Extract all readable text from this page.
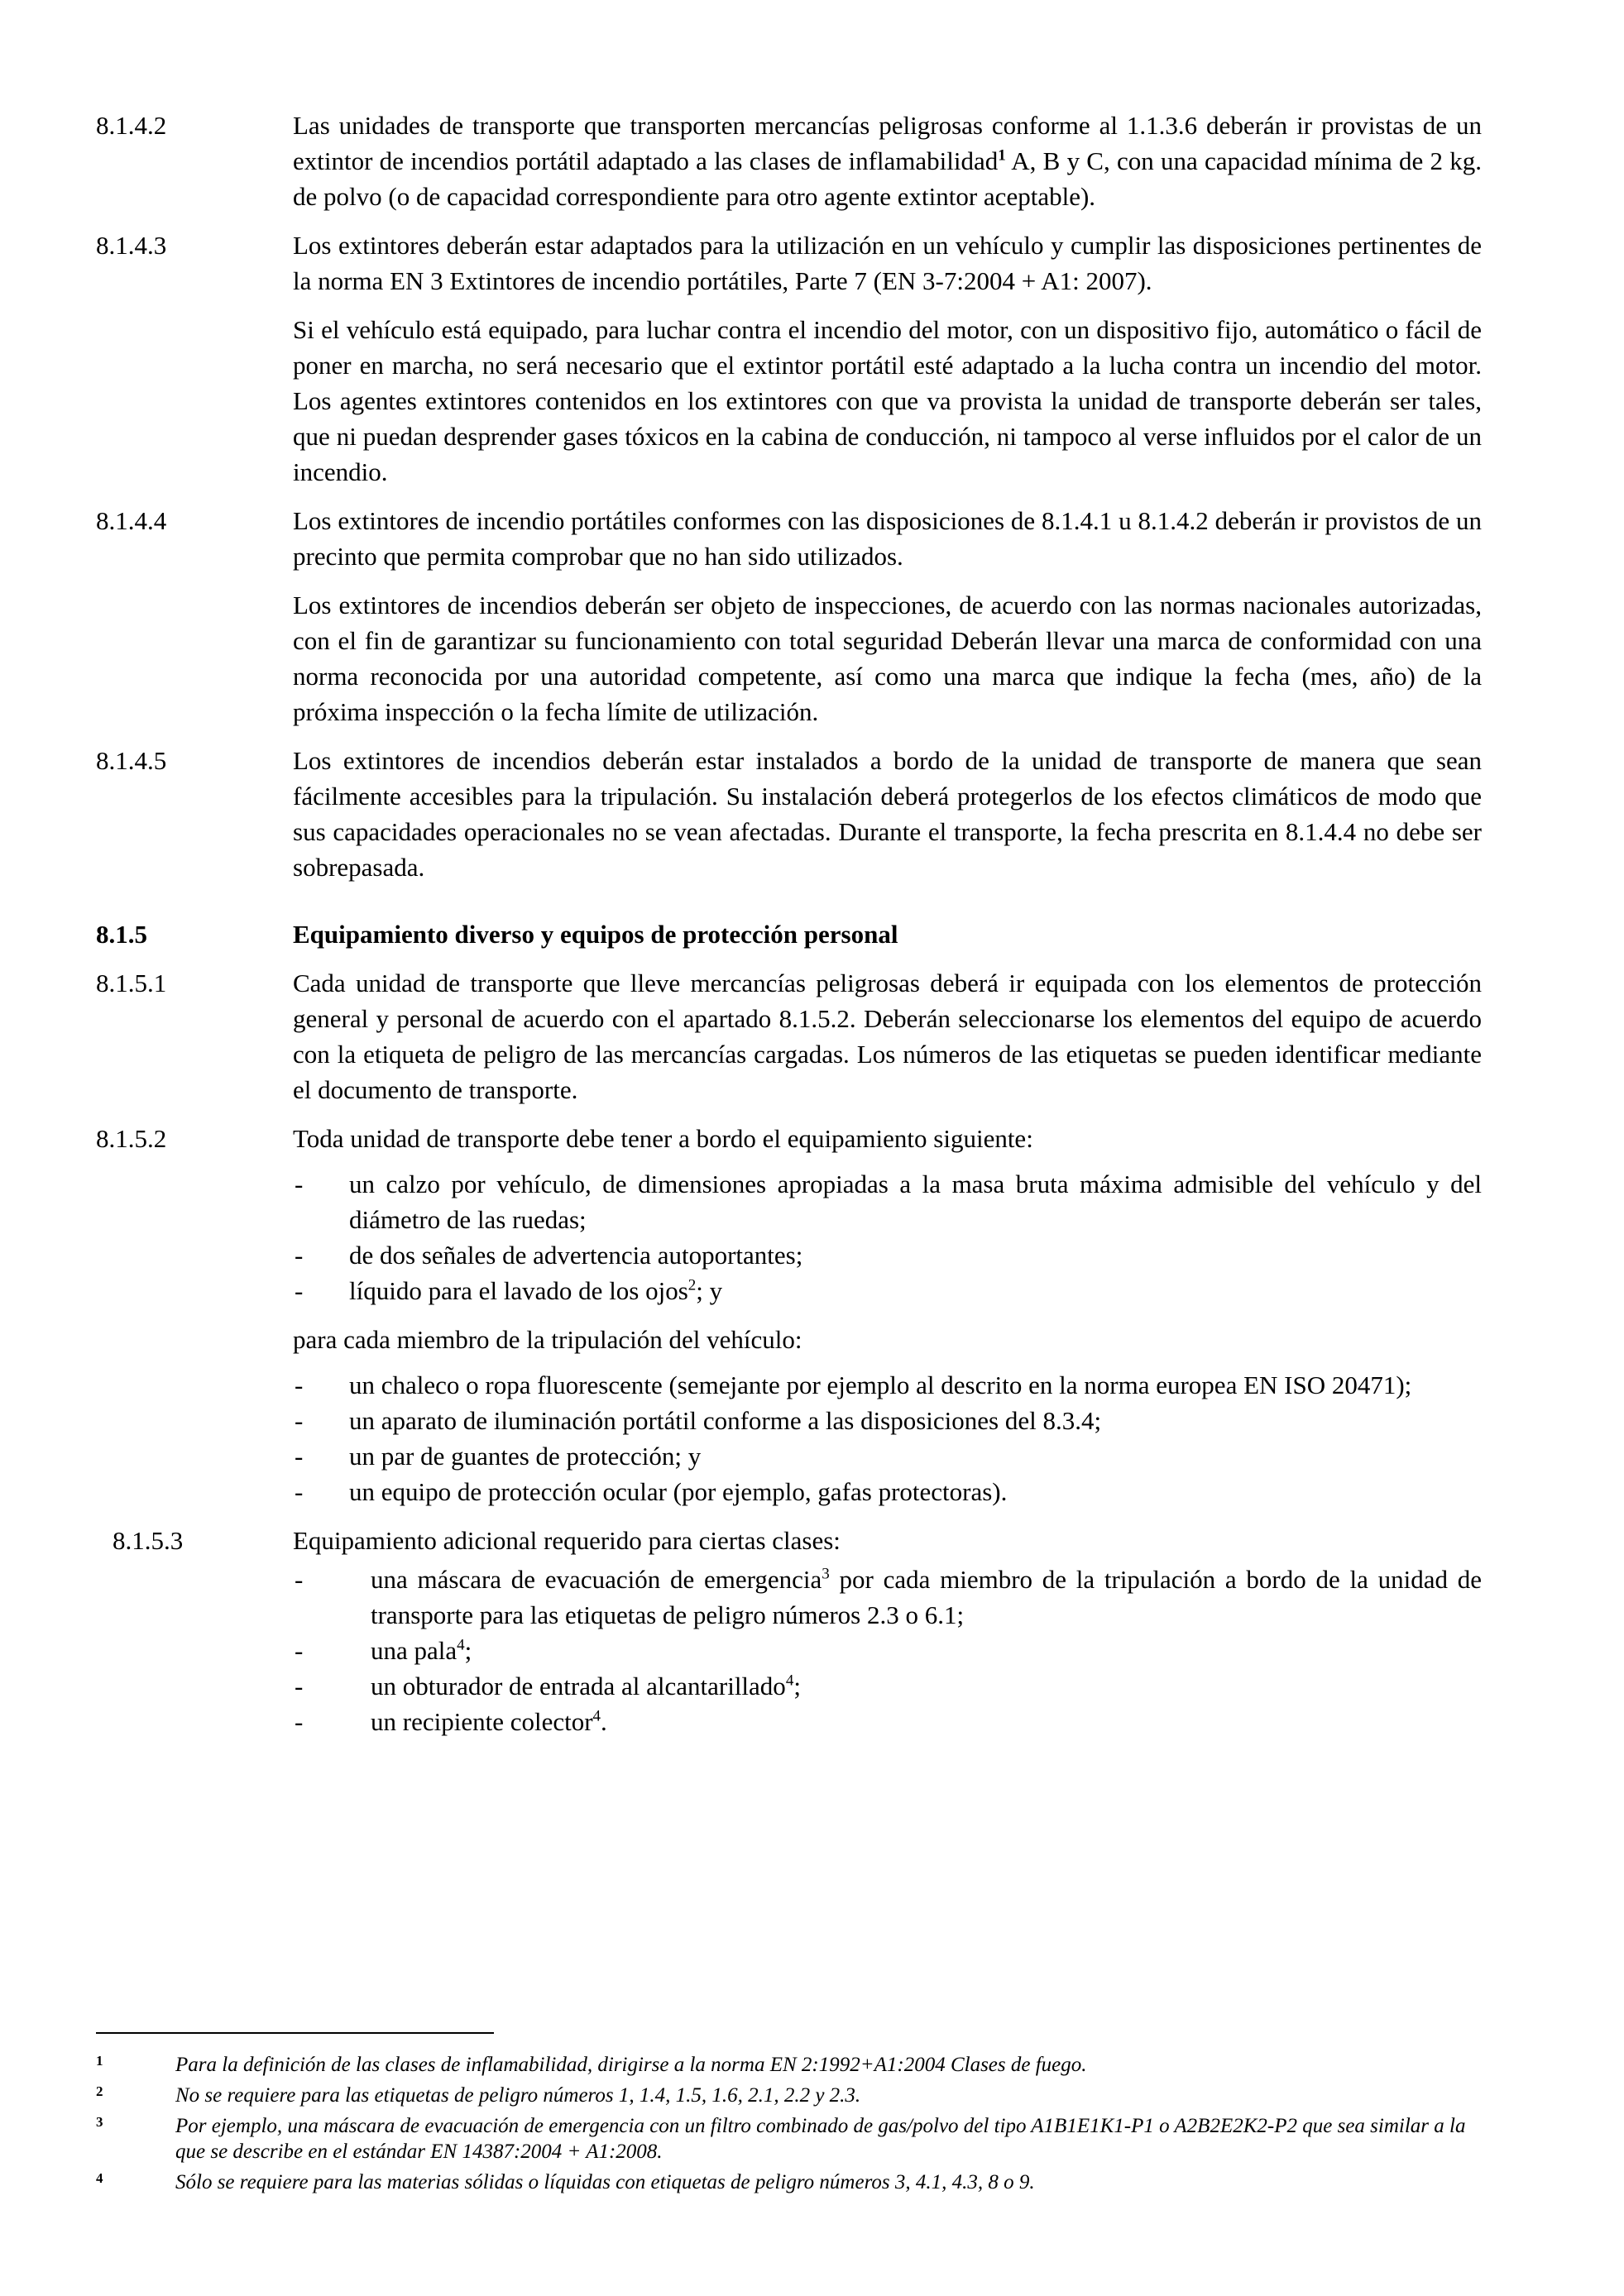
8.1.4.2	Las unidades de transporte que transporten mercancías peligrosas conforme al 1.1.3.6 deberán ir provistas de un extintor de incendios portátil adaptado a las clases de inflamabilidad$^1$ A, B y C, con una capacidad mínima de 2 kg. de polvo (o de capacidad correspondiente para otro agente extintor aceptable).

8.1.4.3	Los extintores deberán estar adaptados para la utilización en un vehículo y cumplir las disposiciones pertinentes de la norma EN 3 Extintores de incendio portátiles, Parte 7 (EN 3-7:2004 + A1: 2007).

Si el vehículo está equipado, para luchar contra el incendio del motor, con un dispositivo fijo, automático o fácil de poner en marcha, no será necesario que el extintor portátil esté adaptado a la lucha contra un incendio del motor. Los agentes extintores contenidos en los extintores con que va provista la unidad de transporte deberán ser tales, que ni puedan desprender gases tóxicos en la cabina de conducción, ni tampoco al verse influidos por el calor de un incendio.

8.1.4.4	Los extintores de incendio portátiles conformes con las disposiciones de 8.1.4.1 u 8.1.4.2 deberán ir provistos de un precinto que permita comprobar que no han sido utilizados.

Los extintores de incendios deberán ser objeto de inspecciones, de acuerdo con las normas nacionales autorizadas, con el fin de garantizar su funcionamiento con total seguridad Deberán llevar una marca de conformidad con una norma reconocida por una autoridad competente, así como una marca que indique la fecha (mes, año) de la próxima inspección o la fecha límite de utilización.

8.1.4.5	Los extintores de incendios deberán estar instalados a bordo de la unidad de transporte de manera que sean fácilmente accesibles para la tripulación. Su instalación deberá protegerlos de los efectos climáticos de modo que sus capacidades operacionales no se vean afectadas. Durante el transporte, la fecha prescrita en 8.1.4.4 no debe ser sobrepasada.

8.1.5	Equipamiento diverso y equipos de protección personal
8.1.5.1	Cada unidad de transporte que lleve mercancías peligrosas deberá ir equipada con los elementos de protección general y personal de acuerdo con el apartado 8.1.5.2. Deberán seleccionarse los elementos del equipo de acuerdo con la etiqueta de peligro de las mercancías cargadas. Los números de las etiquetas se pueden identificar mediante el documento de transporte.

8.1.5.2	Toda unidad de transporte debe tener a bordo el equipamiento siguiente:

- un calzo por vehículo, de dimensiones apropiadas a la masa bruta máxima admisible del vehículo y del diámetro de las ruedas;
- de dos señales de advertencia autoportantes;
- líquido para el lavado de los ojos$^2$; y

para cada miembro de la tripulación del vehículo:

- un chaleco o ropa fluorescente (semejante por ejemplo al descrito en la norma europea EN ISO 20471);
- un aparato de iluminación portátil conforme a las disposiciones del 8.3.4;
- un par de guantes de protección; y
- un equipo de protección ocular (por ejemplo, gafas protectoras).
8.1.5.3	Equipamiento adicional requerido para ciertas clases:

- una máscara de evacuación de emergencia$^3$ por cada miembro de la tripulación a bordo de la unidad de transporte para las etiquetas de peligro números 2.3 o 6.1;
- una pala$^4$;
- un obturador de entrada al alcantarillado$^4$;
- un recipiente colector$^4$.
1	Para la definición de las clases de inflamabilidad, dirigirse a la norma EN 2:1992+A1:2004 Clases de fuego.
2	No se requiere para las etiquetas de peligro números 1, 1.4, 1.5, 1.6, 2.1, 2.2 y 2.3.
3	Por ejemplo, una máscara de evacuación de emergencia con un filtro combinado de gas/polvo del tipo A1B1E1K1-P1 o A2B2E2K2-P2 que sea similar a la que se describe en el estándar EN 14387:2004 + A1:2008.
4	Sólo se requiere para las materias sólidas o líquidas con etiquetas de peligro números 3, 4.1, 4.3, 8 o 9.
